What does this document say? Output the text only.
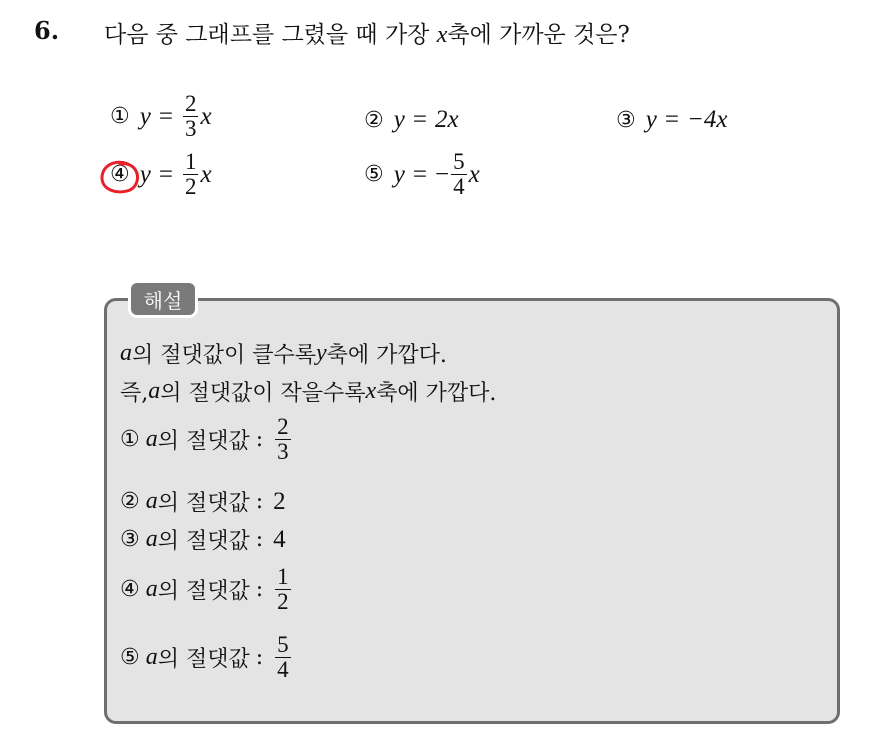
6. 다음 중 그래프를 그렸을 때 가장 x축에 가까운 것은?
① $y = \frac{2}{3}$ x	② y = 2x	③ y = −4x
④ $y = \frac{1}{2}$ x	⑤ y = − $\frac{5}{4}$ x
해설
a 의 절댓값이 클수록 y 축에 가깝다.
즉, a 의 절댓값이 작을수록 x 축에 가깝다.
① a 의 절댓값 : $\frac{2}{3}$
② a 의 절댓값 : 2
③ a 의 절댓값 : 4
④ a 의 절댓값 : $\frac{1}{2}$
⑤ a 의 절댓값 : $\frac{5}{4}$
